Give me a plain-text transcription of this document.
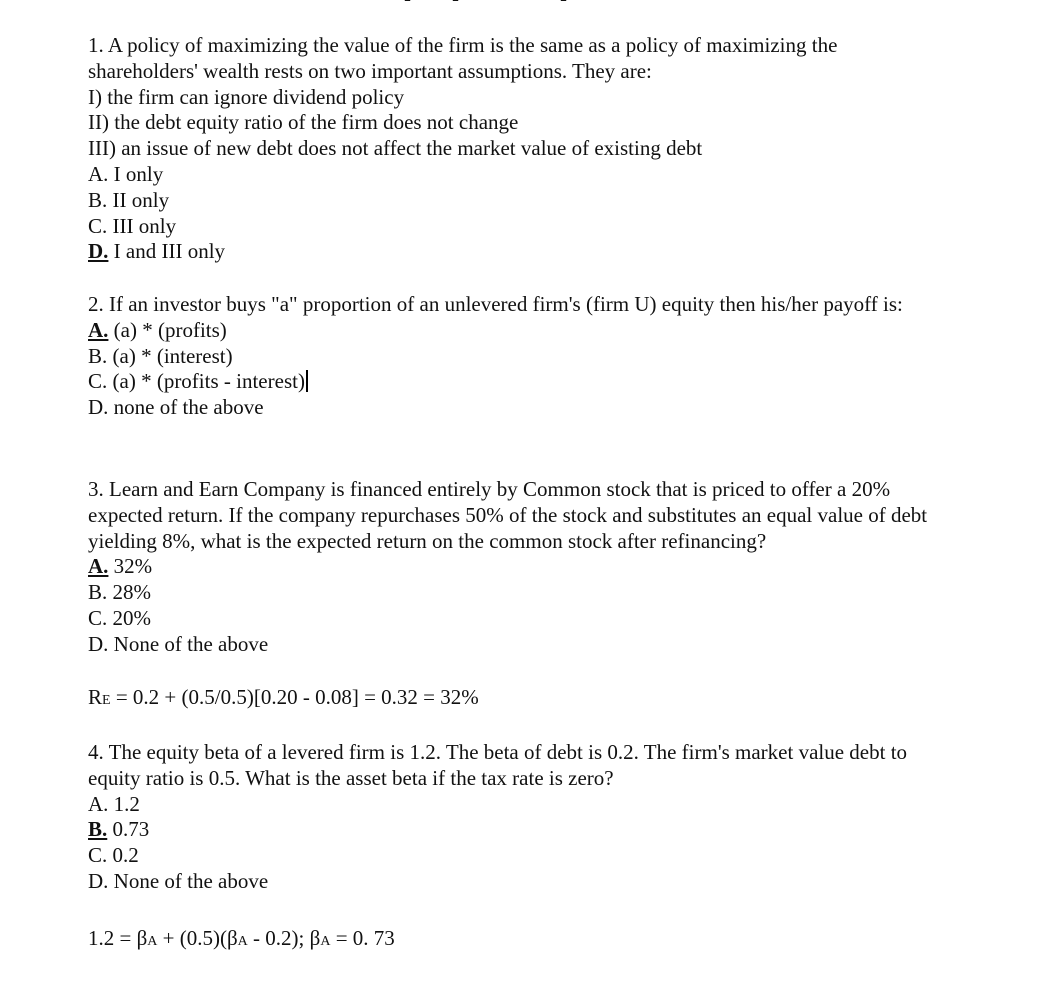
1. A policy of maximizing the value of the firm is the same as a policy of maximizing the shareholders' wealth rests on two important assumptions. They are:
I) the firm can ignore dividend policy
II) the debt equity ratio of the firm does not change
III) an issue of new debt does not affect the market value of existing debt
A. I only
B. II only
C. III only
D. I and III only
2. If an investor buys "a" proportion of an unlevered firm's (firm U) equity then his/her payoff is:
A. (a) * (profits)
B. (a) * (interest)
C. (a) * (profits - interest)
D. none of the above
3. Learn and Earn Company is financed entirely by Common stock that is priced to offer a 20% expected return. If the company repurchases 50% of the stock and substitutes an equal value of debt yielding 8%, what is the expected return on the common stock after refinancing?
A. 32%
B. 28%
C. 20%
D. None of the above
RE = 0.2 + (0.5/0.5)[0.20 - 0.08] = 0.32 = 32%
4. The equity beta of a levered firm is 1.2. The beta of debt is 0.2. The firm's market value debt to equity ratio is 0.5. What is the asset beta if the tax rate is zero?
A. 1.2
B. 0.73
C. 0.2
D. None of the above
1.2 = βA + (0.5)(βA - 0.2); βA = 0. 73
